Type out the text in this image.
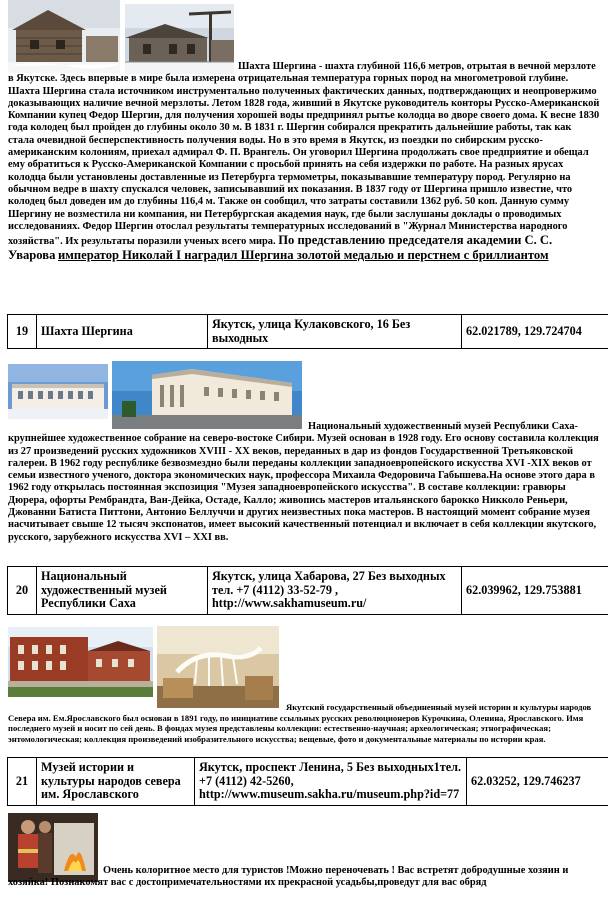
Шахта Шергина - шахта глубиной 116,6 метров, отрытая в вечной мерзлоте в Якутске. Здесь впервые в мире была измерена отрицательная температура горных пород на многометровой глубине. Шахта Шергина стала источником инструментально полученных фактических данных, подтверждающих и неопровержимо доказывающих наличие вечной мерзлоты. Летом 1828 года, живший в Якутске руководитель конторы Русско-Американской Компании купец Федор Шергин, для получения хорошей воды предпринял рытье колодца во дворе своего дома. К весне 1830 года колодец был пройден до глубины около 30 м. В 1831 г. Шергин собирался прекратить дальнейшие работы, так как стала очевидной бесперспективность получения воды. Но в это время в Якутск, из поездки по сибирским русско-американским колониям, приехал адмирал Ф. П. Врангель. Он уговорил Шергина продолжать свое предприятие и обещал ему обратиться к Русско-Американской Компании с просьбой принять на себя издержки по работе. На разных ярусах колодца были установлены доставленные из Петербурга термометры, показывавшие температуру пород. Регулярно на обычном ведре в шахту спускался человек, записывавший их показания. В 1837 году от Шергина пришло известие, что колодец был доведен им до глубины 116,4 м. Также он сообщил, что затраты составили 1362 руб. 50 коп. Данную сумму Шергину не возместила ни компания, ни Петербургская академия наук, где были заслушаны доклады о проводимых исследованиях. Федор Шергин отослал результаты температурных исследований в "Журнал Министерства народного хозяйства". Их результаты поразили ученых всего мира. По представлению председателя академии С. С. Уварова император Николай I наградил Шергина золотой медалью и перстнем с бриллиантом
19	Шахта Шергина	Якутск, улица Кулаковского, 16 Без выходных	62.021789, 129.724704
Национальный художественный музей Республики Саха- крупнейшее художественное собрание на северо-востоке Сибири. Музей основан в 1928 году. Его основу составила коллекция из 27 произведений русских художников XVIII - XX веков, переданных в дар из фондов Государственной Третьяковской галереи. В 1962 году республике безвозмездно были переданы коллекции западноевропейского искусства XVI -XIX веков от семьи известного ученого, доктора экономических наук, профессора Михаила Федоровича Габышева.На основе этого дара в 1962 году открылась постоянная экспозиция "Музея западноевропейского искусства". В составе коллекции: гравюры Дюрера, офорты Рембрандта, Ван-Дейка, Остаде, Калло; живопись мастеров итальянского барокко Никколо Реньери, Джованни Батиста Питтони, Антонио Беллуччи и других неизвестных пока мастеров. В настоящий момент собрание музея насчитывает свыше 12 тысяч экспонатов, имеет высокий качественный потенциал и включает в себя коллекции якутского, русского, зарубежного искусства XVI – XXI вв.
20	Национальный художественный музей Республики Саха	Якутск, улица Хабарова, 27 Без выходных тел. +7 (4112) 33-52-79 , http://www.sakhamuseum.ru/	62.039962, 129.753881
Якутский государственный объединенный музей истории и культуры народов Севера им. Ем.Ярославского был основан в 1891 году, по инициативе ссыльных русских революционеров Курочкина, Оленина, Ярославского. Имя последнего музей и носит по сей день. В фондах музея представлены коллекции: естественно-научная; археологическая; этнографическая; энтомологическая; коллекция произведений изобразительного искусства; вещевые, фото и документальные материалы по истории края.
21	Музей истории и культуры народов севера им. Ярославского	Якутск, проспект Ленина, 5 Без выходных1тел. +7 (4112) 42-5260, http://www.museum.sakha.ru/museum.php?id=77	62.03252, 129.746237
Очень колоритное место для туристов !Можно переночевать ! Вас встретят добродушные хозяин и хозяйка! Познакомят вас с достопримечательностями их прекрасной усадьбы,проведут для вас обряд
